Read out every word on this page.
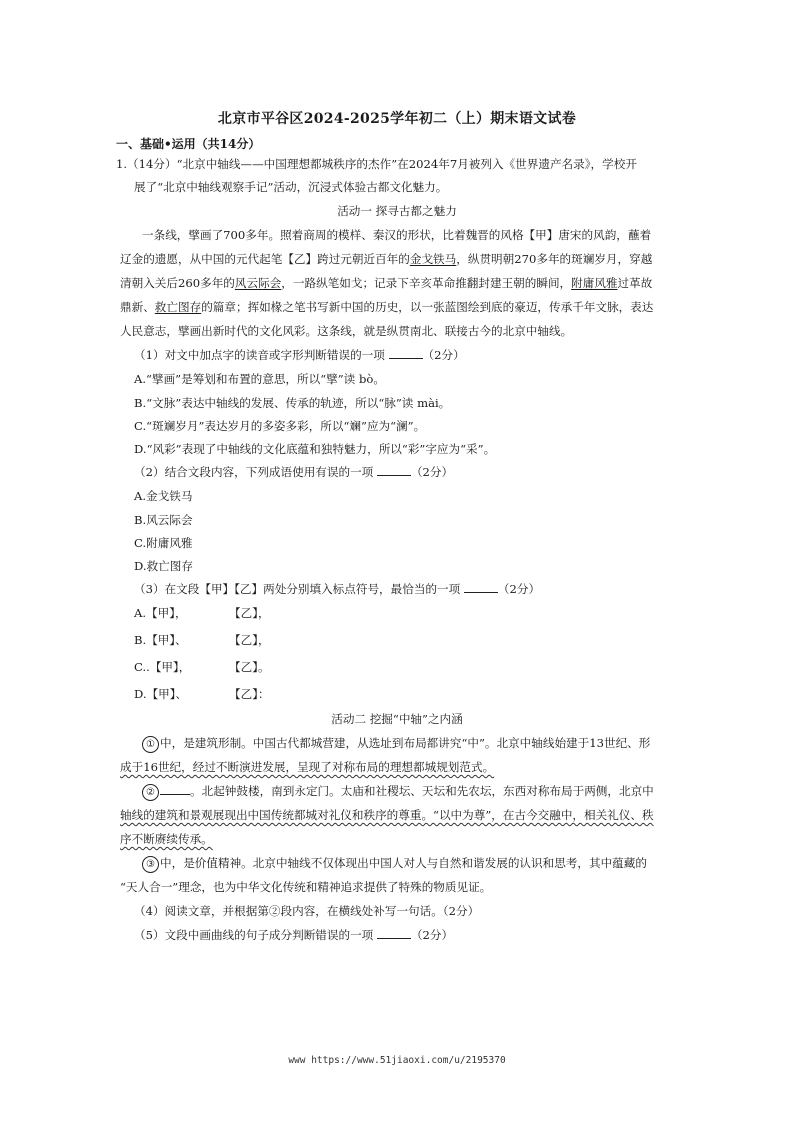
北京市平谷区2024-2025学年初二（上）期末语文试卷
一、基础•运用（共14分）
1.（14分）“北京中轴线——中国理想都城秩序的杰作”在2024年7月被列入《世界遗产名录》，学校开
展了“北京中轴线观察手记”活动，沉浸式体验古都文化魅力。
活动一 探寻古都之魅力
一条线，擘画了700多年。照着商周的模样、秦汉的形状，比着魏晋的风格【甲】唐宋的风韵，蘸着
辽金的遗愿，从中国的元代起笔【乙】跨过元朝近百年的金戈铁马，纵贯明朝270多年的斑斓岁月，穿越
清朝入关后260多年的风云际会，一路纵笔如戈；记录下辛亥革命推翻封建王朝的瞬间，附庸风雅过革故
鼎新、救亡图存的篇章；挥如椽之笔书写新中国的历史，以一张蓝图绘到底的豪迈，传承千年文脉，表达
人民意志，擘画出新时代的文化风彩。这条线，就是纵贯南北、联接古今的北京中轴线。
（1）对文中加点字的读音或字形判断错误的一项	（2分）
A.“擘画”是筹划和布置的意思，所以“擘”读 bò。
B.“文脉”表达中轴线的发展、传承的轨迹，所以“脉”读 mài。
C.“斑斓岁月”表达岁月的多姿多彩，所以“斓”应为“澜”。
D.“风彩”表现了中轴线的文化底蕴和独特魅力，所以“彩”字应为“采”。
（2）结合文段内容，下列成语使用有误的一项	（2分）
A.金戈铁马
B.风云际会
C.附庸风雅
D.救亡图存
（3）在文段【甲】【乙】两处分别填入标点符号，最恰当的一项	（2分）
A.【甲】，	【乙】，
B.【甲】、	【乙】，
C..【甲】，	【乙】。
D.【甲】、	【乙】：
活动二 挖掘“中轴”之内涵
① 中，是建筑形制。中国古代都城营建，从选址到布局都讲究“中”。北京中轴线始建于13世纪、形
成于16世纪，经过不断演进发展，呈现了对称布局的理想都城规划范式。
②	。北起钟鼓楼，南到永定门。太庙和社稷坛、天坛和先农坛，东西对称布局于两侧，北京中
轴线的建筑和景观展现出中国传统都城对礼仪和秩序的尊重。“以中为尊”，在古今交融中，相关礼仪、秩
序不断赓续传承。
③ 中，是价值精神。北京中轴线不仅体现出中国人对人与自然和谐发展的认识和思考，其中蕴藏的
“天人合一”理念，也为中华文化传统和精神追求提供了特殊的物质见证。
（4）阅读文章，并根据第②段内容，在横线处补写一句话。（2分）
（5）文段中画曲线的句子成分判断错误的一项	（2分）
www https://www.51jiaoxi.com/u/2195370
